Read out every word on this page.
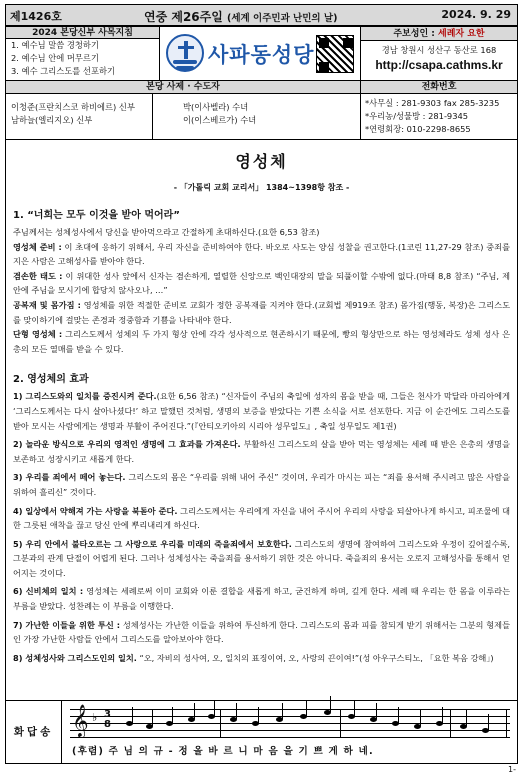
제1426호	연중 제26주일 (세계 이주민과 난민의 날)	2024. 9. 29
2024 본당신부 사목지침
1. 예수님 말씀 경청하기
2. 예수님 안에 머무르기
3. 예수 그리스도를 선포하기
사파동성당
주보성인 : 세례자 요한
경남 창원시 성산구 동산로 168
http://csapa.cathms.kr
본당 사제 · 수도자	전화번호
이청준(프란치스코 하비에르) 신부
남하늘(엘리지오) 신부
박(이사벨라) 수녀
이(이스베르가) 수녀
*사무실 : 281-9303 fax 285-3235
*우리농/성물방 : 281-9345
*연령회장: 010-2298-8655
영성체
- 「가톨릭 교회 교리서」 1384~1398항 참조 -
1. “너희는 모두 이것을 받아 먹어라”
주님께서는 성체성사에서 당신을 받아먹으라고 간절하게 초대하신다.(요한 6,53 참조)
영성체 준비 : 이 초대에 응하기 위해서, 우리 자신을 준비하여야 한다. 바오로 사도는 양심 성찰을 권고한다.(1코린 11,27-29 참조) 중죄를 지은 사람은 고해성사를 받아야 한다.
겸손한 태도 : 이 위대한 성사 앞에서 신자는 겸손하게, 열렬한 신앙으로 백인대장의 말을 되풀이할 수밖에 없다.(마태 8,8 참조) “주님, 제 안에 주님을 모시기에 합당치 않사오나, …”
공복재 및 몸가짐 : 영성체를 위한 적절한 준비로 교회가 정한 공복재를 지켜야 한다.(교회법 제919조 참조) 몸가짐(행동, 복장)은 그리스도를 맞이하기에 걸맞는 존경과 정중함과 기쁨을 나타내야 한다.
단형 영성체 : 그리스도께서 성체의 두 가지 형상 안에 각각 성사적으로 현존하시기 때문에, 빵의 형상만으로 하는 영성체라도 성체 성사 은총의 모든 열매를 받을 수 있다.
2. 영성체의 효과
1) 그리스도와의 일치를 증진시켜 준다.(요한 6,56 참조) “신자들이 주님의 축일에 성자의 몸을 받을 때, 그들은 천사가 막달라 마리아에게 ‘그리스도께서는 다시 살아나셨다!’ 하고 말했던 것처럼, 생명의 보증을 받았다는 기쁜 소식을 서로 선포한다. 지금 이 순간에도 그리스도를 받아 모시는 사람에게는 생명과 부활이 주어진다.”(『안티오키아의 시리아 성무일도』, 축일 성무일도 제1권)
2) 놀라운 방식으로 우리의 영적인 생명에 그 효과를 가져온다. 부활하신 그리스도의 살을 받아 먹는 영성체는 세례 때 받은 은총의 생명을 보존하고 성장시키고 새롭게 한다.
3) 우리를 죄에서 떼어 놓는다. 그리스도의 몸은 “우리를 위해 내어 주신” 것이며, 우리가 마시는 피는 “죄를 용서해 주시려고 많은 사람을 위하여 흘리신” 것이다.
4) 일상에서 약해져 가는 사랑을 북돋아 준다. 그리스도께서는 우리에게 자신을 내어 주시어 우리의 사랑을 되살아나게 하시고, 피조물에 대한 그릇된 애착을 끊고 당신 안에 뿌리내리게 하신다.
5) 우리 안에서 불타오르는 그 사랑으로 우리를 미래의 죽을죄에서 보호한다. 그리스도의 생명에 참여하여 그리스도와 우정이 깊어질수록, 그분과의 관계 단절이 어렵게 된다. 그러나 성체성사는 죽을죄를 용서하기 위한 것은 아니다. 죽을죄의 용서는 오로지 고해성사를 통해서 얻어지는 것이다.
6) 신비체의 일치 : 영성체는 세례로써 이미 교회와 이룬 결합을 새롭게 하고, 굳건하게 하며, 깊게 한다. 세례 때 우리는 한 몸을 이루라는 부름을 받았다. 성찬례는 이 부름을 이행한다.
7) 가난한 이들을 위한 투신 : 성체성사는 가난한 이들을 위하여 투신하게 한다. 그리스도의 몸과 피를 참되게 받기 위해서는 그분의 형제들인 가장 가난한 사람들 안에서 그리스도를 알아보아야 한다.
8) 성체성사와 그리스도인의 일치. “오, 자비의 성사여, 오, 일치의 표징이여, 오, 사랑의 끈이여!”(성 아우구스티노, 「요한 복음 강해」)
화답송 𝄞 ♭ 3
8
(후렴) 주 님 의 규 - 정 올 바 르 니 마 음 을 기 쁘 게 하 네.
1-
